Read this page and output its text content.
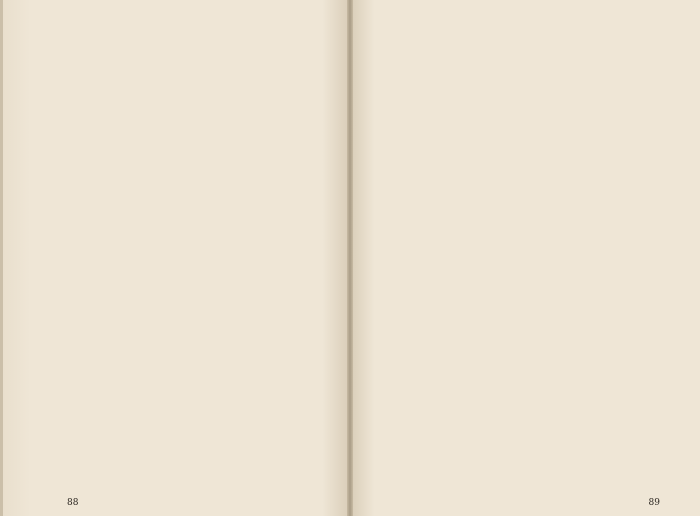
88	89
